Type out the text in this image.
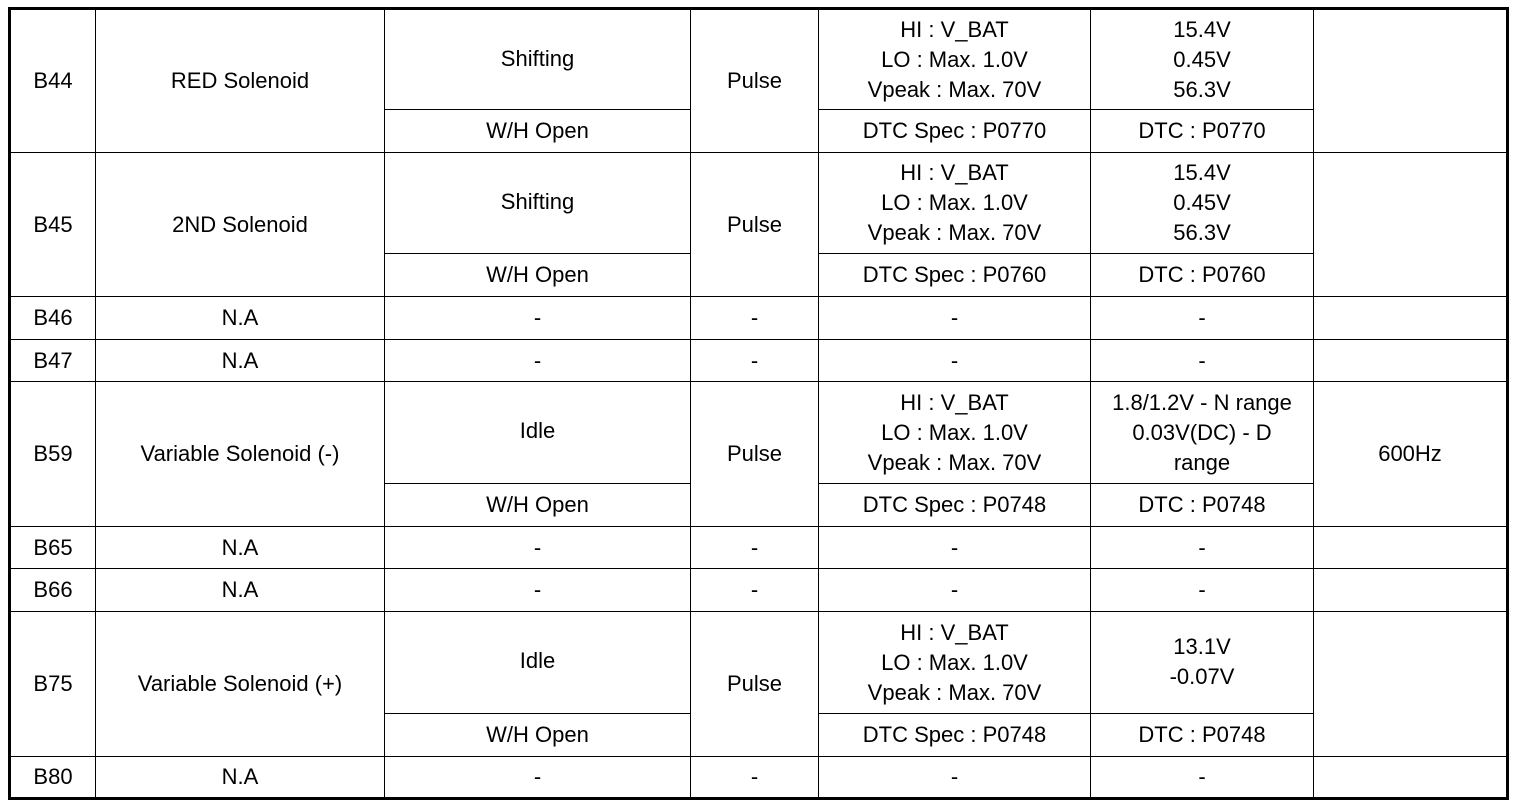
B44	RED Solenoid	Shifting	Pulse	HI : V_BAT
LO : Max. 1.0V
Vpeak : Max. 70V	15.4V
0.45V
56.3V	

		W/H Open		DTC Spec : P0770	DTC : P0770	
B45	2ND Solenoid	Shifting	Pulse	HI : V_BAT
LO : Max. 1.0V
Vpeak : Max. 70V	15.4V
0.45V
56.3V	

		W/H Open		DTC Spec : P0760	DTC : P0760	
B46	N.A	-	-	-	-	
B47	N.A	-	-	-	-	
B59	Variable Solenoid (-)	Idle	Pulse	HI : V_BAT
LO : Max. 1.0V
Vpeak : Max. 70V	1.8/1.2V - N range
0.03V(DC) - D
range	600Hz
		W/H Open		DTC Spec : P0748	DTC : P0748	
B65	N.A	-	-	-	-	
B66	N.A	-	-	-	-	
B75	Variable Solenoid (+)	Idle	Pulse	HI : V_BAT
LO : Max. 1.0V
Vpeak : Max. 70V	13.1V
-0.07V	

		W/H Open		DTC Spec : P0748	DTC : P0748	
B80	N.A	-	-	-	-	
